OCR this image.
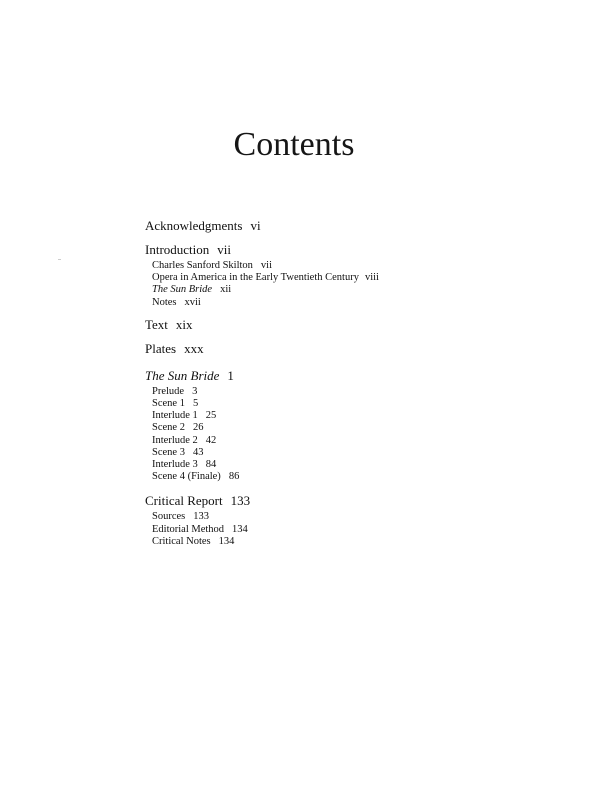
Contents
Acknowledgments vi
Introduction vii
Charles Sanford Skilton vii
Opera in America in the Early Twentieth Century viii
The Sun Bride xii
Notes xvii
Text xix
Plates xxx
The Sun Bride 1
Prelude 3
Scene 1 5
Interlude 1 25
Scene 2 26
Interlude 2 42
Scene 3 43
Interlude 3 84
Scene 4 (Finale) 86
Critical Report 133
Sources 133
Editorial Method 134
Critical Notes 134
